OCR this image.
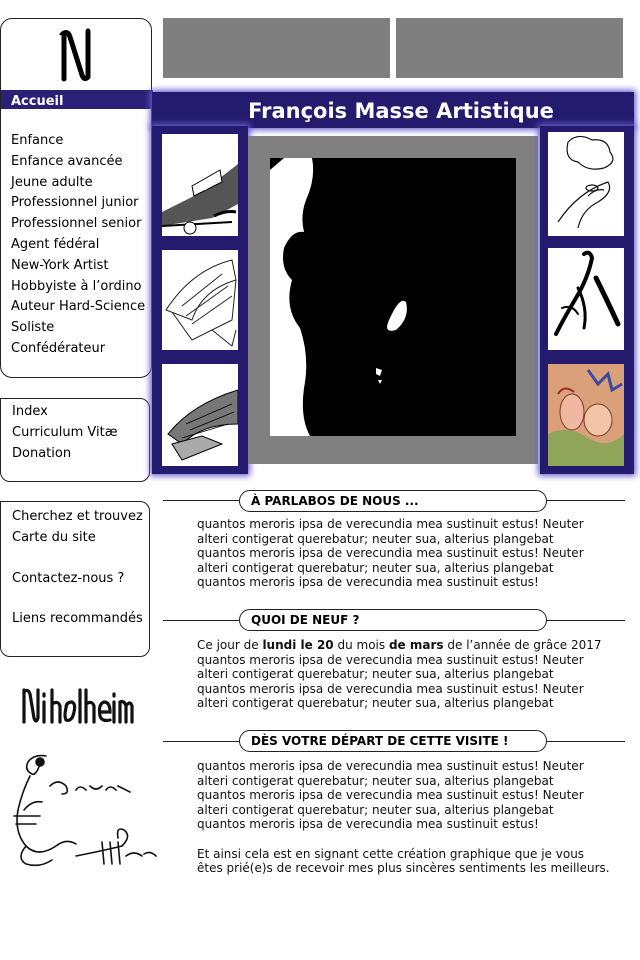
Accueil
Enfance
Enfance avancée
Jeune adulte
Professionnel junior
Professionnel senior
Agent fédéral
New-York Artist
Hobbyiste à l’ordino
Auteur Hard-Science
Soliste
Confédérateur
Index
Curriculum Vitæ
Donation
Cherchez et trouvez
Carte du site
Contactez-nous ?
Liens recommandés
François Masse Artistique
À PARLABOS DE NOUS ...
quantos meroris ipsa de verecundia mea sustinuit estus! Neuter
alteri contigerat querebatur; neuter sua, alterius plangebat
quantos meroris ipsa de verecundia mea sustinuit estus! Neuter
alteri contigerat querebatur; neuter sua, alterius plangebat
quantos meroris ipsa de verecundia mea sustinuit estus!
QUOI DE NEUF ?
Ce jour de lundi le 20 du mois de mars de l’année de grâce 2017
quantos meroris ipsa de verecundia mea sustinuit estus! Neuter
alteri contigerat querebatur; neuter sua, alterius plangebat
quantos meroris ipsa de verecundia mea sustinuit estus! Neuter
alteri contigerat querebatur; neuter sua, alterius plangebat
DÈS VOTRE DÉPART DE CETTE VISITE !
quantos meroris ipsa de verecundia mea sustinuit estus! Neuter
alteri contigerat querebatur; neuter sua, alterius plangebat
quantos meroris ipsa de verecundia mea sustinuit estus! Neuter
alteri contigerat querebatur; neuter sua, alterius plangebat
quantos meroris ipsa de verecundia mea sustinuit estus!
Et ainsi cela est en signant cette création graphique que je vous
êtes prié(e)s de recevoir mes plus sincères sentiments les meilleurs.
